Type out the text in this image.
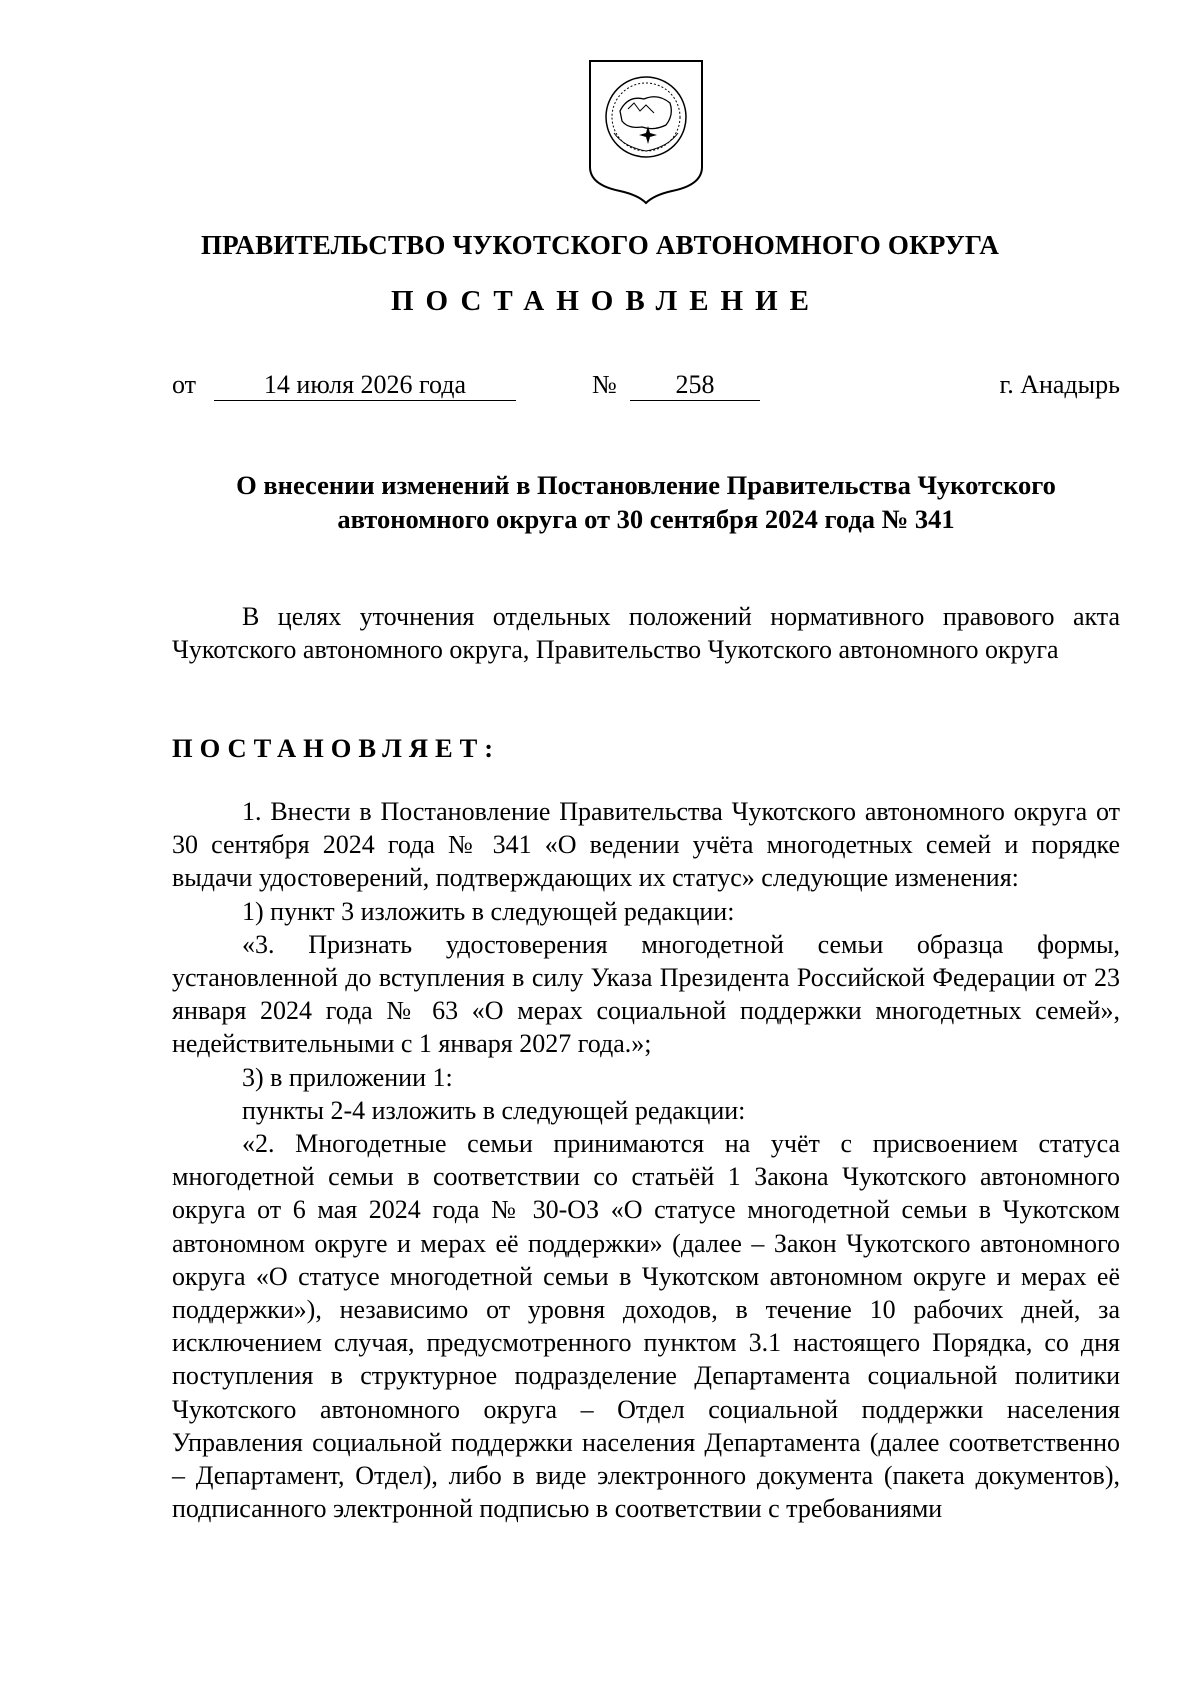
ПРАВИТЕЛЬСТВО ЧУКОТСКОГО АВТОНОМНОГО ОКРУГА
ПОСТАНОВЛЕНИЕ
от	14 июля 2026 года	№	258	г. Анадырь
О внесении изменений в Постановление Правительства Чукотского
автономного округа от 30 сентября 2024 года № 341
В целях уточнения отдельных положений нормативного правового акта Чукотского автономного округа, Правительство Чукотского автономного округа
ПОСТАНОВЛЯЕТ:

1. Внести в Постановление Правительства Чукотского автономного округа от 30 сентября 2024 года № 341 «О ведении учёта многодетных семей и порядке выдачи удостоверений, подтверждающих их статус» следующие изменения:

1) пункт 3 изложить в следующей редакции:

«3. Признать удостоверения многодетной семьи образца формы, установленной до вступления в силу Указа Президента Российской Федерации от 23 января 2024 года № 63 «О мерах социальной поддержки многодетных семей», недействительными с 1 января 2027 года.»;

3) в приложении 1:

пункты 2-4 изложить в следующей редакции:

«2. Многодетные семьи принимаются на учёт с присвоением статуса многодетной семьи в соответствии со статьёй 1 Закона Чукотского автономного округа от 6 мая 2024 года № 30-ОЗ «О статусе многодетной семьи в Чукотском автономном округе и мерах её поддержки» (далее – Закон Чукотского автономного округа «О статусе многодетной семьи в Чукотском автономном округе и мерах её поддержки»), независимо от уровня доходов, в течение 10 рабочих дней, за исключением случая, предусмотренного пунктом 3.1 настоящего Порядка, со дня поступления в структурное подразделение Департамента социальной политики Чукотского автономного округа – Отдел социальной поддержки населения Управления социальной поддержки населения Департамента (далее соответственно – Департамент, Отдел), либо в виде электронного документа (пакета документов), подписанного электронной подписью в соответствии с требованиями
